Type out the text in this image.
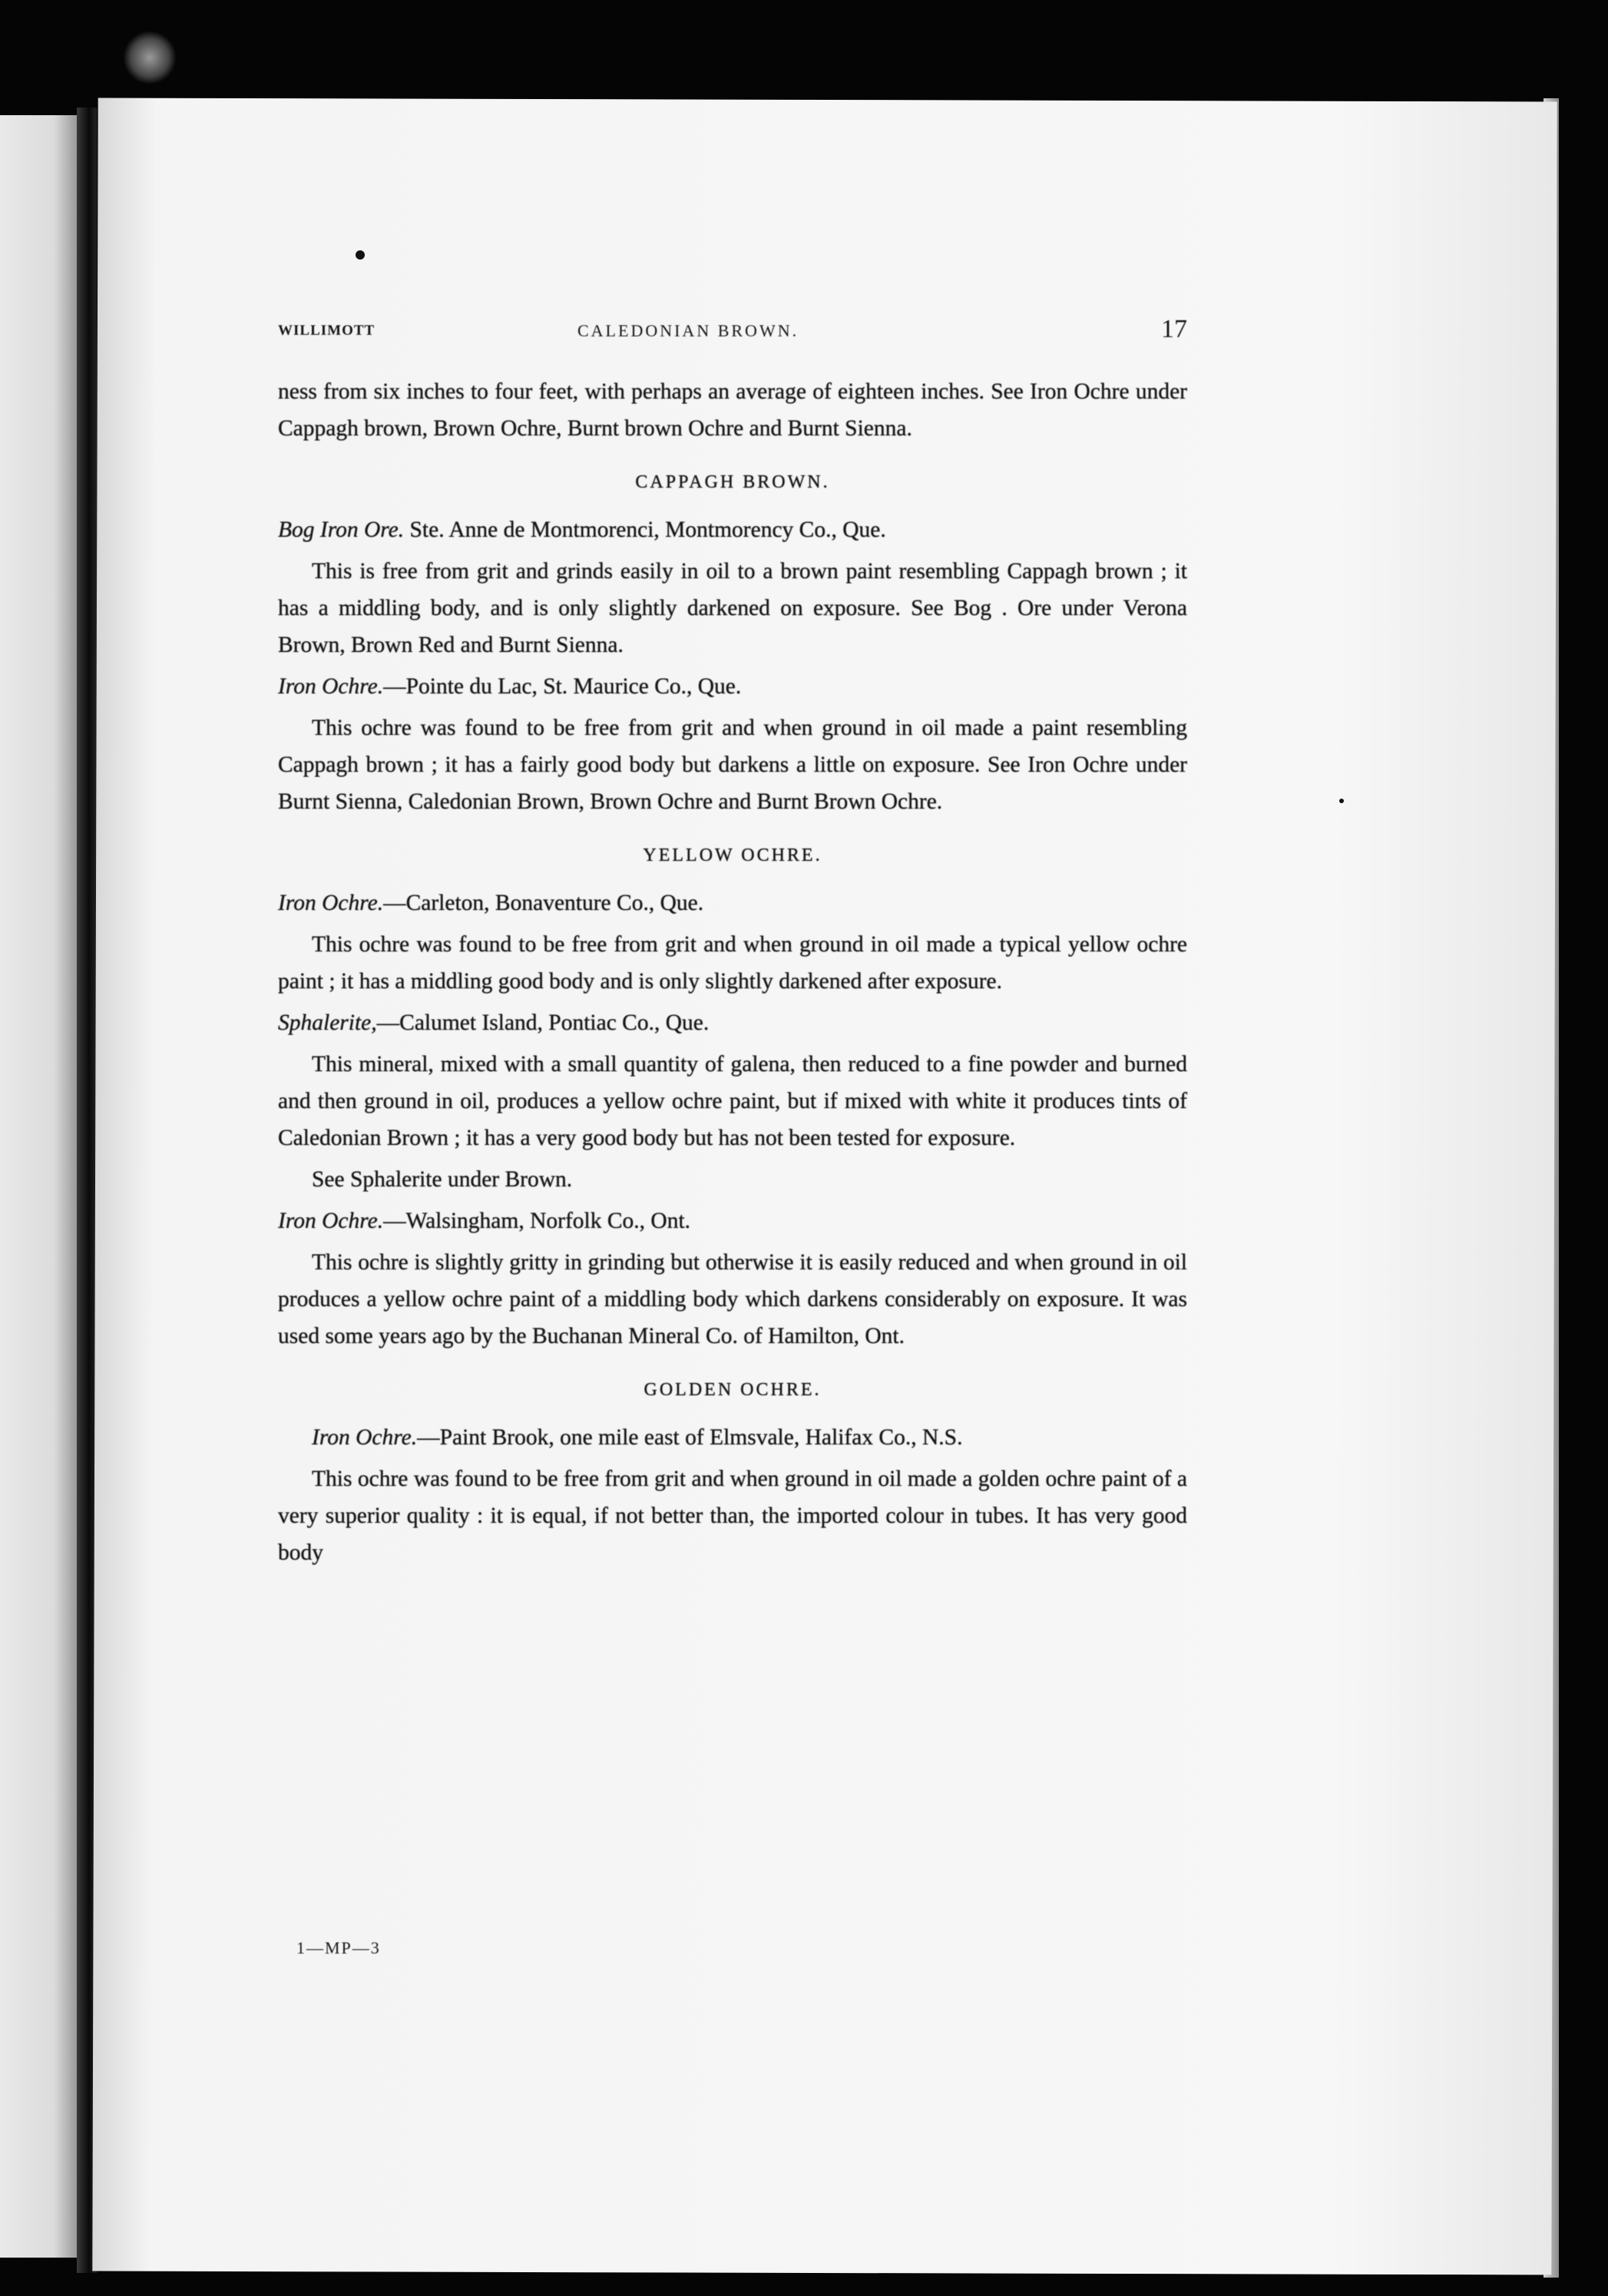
WILLIMOTT	CALEDONIAN BROWN.	17

ness from six inches to four feet, with perhaps an average of eighteen inches. See Iron Ochre under Cappagh brown, Brown Ochre, Burnt brown Ochre and Burnt Sienna.

CAPPAGH BROWN.

Bog Iron Ore. Ste. Anne de Montmorenci, Montmorency Co., Que.

This is free from grit and grinds easily in oil to a brown paint resembling Cappagh brown ; it has a middling body, and is only slightly darkened on exposure. See Bog . Ore under Verona Brown, Brown Red and Burnt Sienna.

Iron Ochre.—Pointe du Lac, St. Maurice Co., Que.

This ochre was found to be free from grit and when ground in oil made a paint resembling Cappagh brown ; it has a fairly good body but darkens a little on exposure. See Iron Ochre under Burnt Sienna, Caledonian Brown, Brown Ochre and Burnt Brown Ochre.

YELLOW OCHRE.

Iron Ochre.—Carleton, Bonaventure Co., Que.

This ochre was found to be free from grit and when ground in oil made a typical yellow ochre paint ; it has a middling good body and is only slightly darkened after exposure.

Sphalerite,—Calumet Island, Pontiac Co., Que.

This mineral, mixed with a small quantity of galena, then reduced to a fine powder and burned and then ground in oil, produces a yellow ochre paint, but if mixed with white it produces tints of Caledonian Brown ; it has a very good body but has not been tested for exposure.

See Sphalerite under Brown.

Iron Ochre.—Walsingham, Norfolk Co., Ont.

This ochre is slightly gritty in grinding but otherwise it is easily reduced and when ground in oil produces a yellow ochre paint of a middling body which darkens considerably on exposure. It was used some years ago by the Buchanan Mineral Co. of Hamilton, Ont.

GOLDEN OCHRE.

Iron Ochre.—Paint Brook, one mile east of Elmsvale, Halifax Co., N.S.

This ochre was found to be free from grit and when ground in oil made a golden ochre paint of a very superior quality : it is equal, if not better than, the imported colour in tubes. It has very good body

1—MP—3
